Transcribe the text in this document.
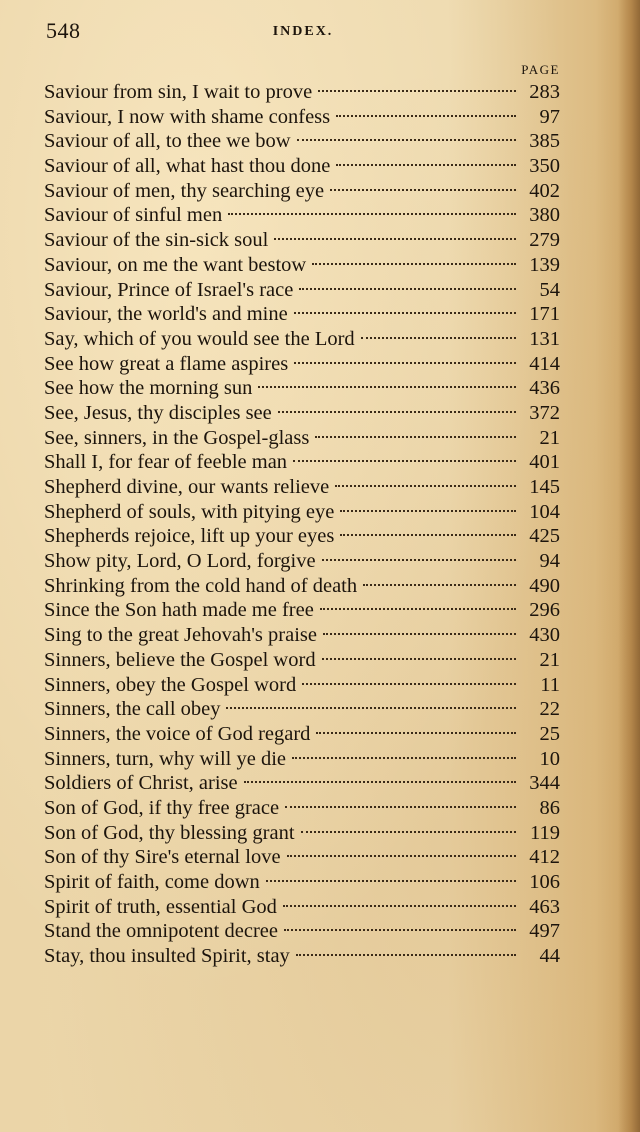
548	INDEX.
PAGE
Saviour from sin, I wait to prove	283
Saviour, I now with shame confess	97
Saviour of all, to thee we bow	385
Saviour of all, what hast thou done	350
Saviour of men, thy searching eye	402
Saviour of sinful men	380
Saviour of the sin-sick soul	279
Saviour, on me the want bestow	139
Saviour, Prince of Israel's race	54
Saviour, the world's and mine	171
Say, which of you would see the Lord	131
See how great a flame aspires	414
See how the morning sun	436
See, Jesus, thy disciples see	372
See, sinners, in the Gospel-glass	21
Shall I, for fear of feeble man	401
Shepherd divine, our wants relieve	145
Shepherd of souls, with pitying eye	104
Shepherds rejoice, lift up your eyes	425
Show pity, Lord, O Lord, forgive	94
Shrinking from the cold hand of death	490
Since the Son hath made me free	296
Sing to the great Jehovah's praise	430
Sinners, believe the Gospel word	21
Sinners, obey the Gospel word	11
Sinners, the call obey	22
Sinners, the voice of God regard	25
Sinners, turn, why will ye die	10
Soldiers of Christ, arise	344
Son of God, if thy free grace	86
Son of God, thy blessing grant	119
Son of thy Sire's eternal love	412
Spirit of faith, come down	106
Spirit of truth, essential God	463
Stand the omnipotent decree	497
Stay, thou insulted Spirit, stay	44
